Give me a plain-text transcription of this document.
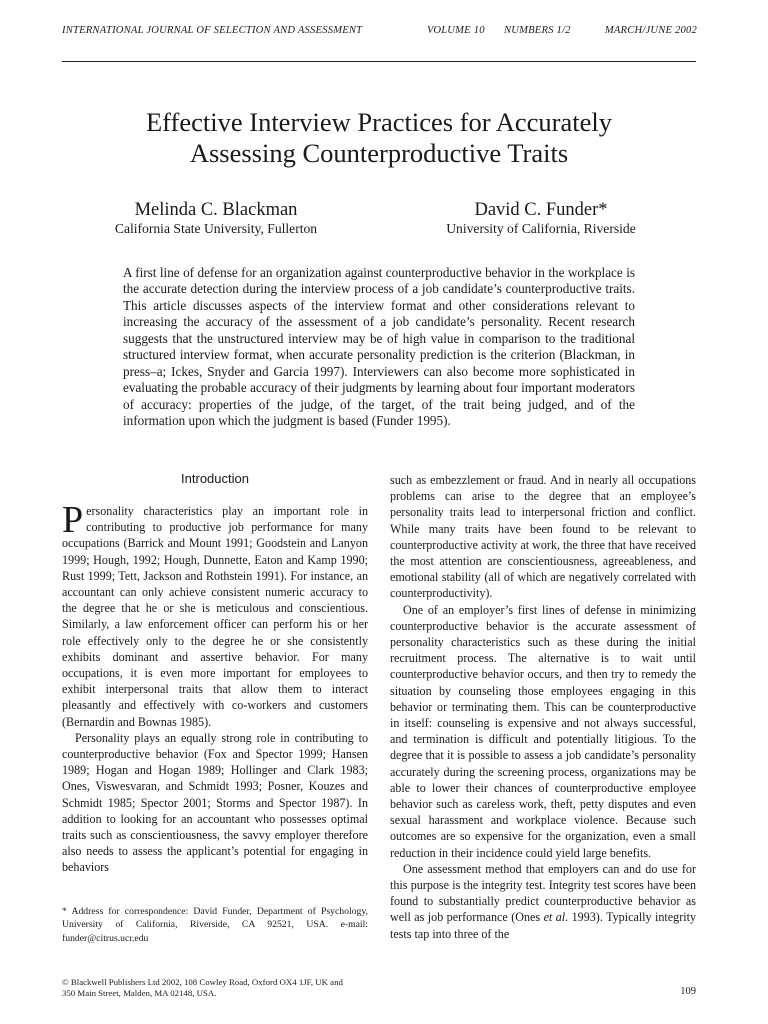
INTERNATIONAL JOURNAL OF SELECTION AND ASSESSMENT	VOLUME 10 NUMBERS 1/2	MARCH/JUNE 2002
Effective Interview Practices for Accurately
Assessing Counterproductive Traits
Melinda C. Blackman
California State University, Fullerton
David C. Funder*
University of California, Riverside

A first line of defense for an organization against counterproductive behavior in the workplace is the accurate detection during the interview process of a job candidate’s counterproductive traits. This article discusses aspects of the interview format and other considerations relevant to increasing the accuracy of the assessment of a job candidate’s personality. Recent research suggests that the unstructured interview may be of high value in comparison to the traditional structured interview format, when accurate personality prediction is the criterion (Blackman, in press–a; Ickes, Snyder and Garcia 1997). Interviewers can also become more sophisticated in evaluating the probable accuracy of their judgments by learning about four important moderators of accuracy: properties of the judge, of the target, of the trait being judged, and of the information upon which the judgment is based (Funder 1995).

Introduction

Personality characteristics play an important role in contributing to productive job performance for many occupations (Barrick and Mount 1991; Goodstein and Lanyon 1999; Hough, 1992; Hough, Dunnette, Eaton and Kamp 1990; Rust 1999; Tett, Jackson and Rothstein 1991). For instance, an accountant can only achieve consistent numeric accuracy to the degree that he or she is meticulous and conscientious. Similarly, a law enforcement officer can perform his or her role effectively only to the degree he or she consistently exhibits dominant and assertive behavior. For many occupations, it is even more important for employees to exhibit interpersonal traits that allow them to interact pleasantly and effectively with co-workers and customers (Bernardin and Bownas 1985).

Personality plays an equally strong role in contributing to counterproductive behavior (Fox and Spector 1999; Hansen 1989; Hogan and Hogan 1989; Hollinger and Clark 1983; Ones, Viswesvaran, and Schmidt 1993; Posner, Kouzes and Schmidt 1985; Spector 2001; Storms and Spector 1987). In addition to looking for an accountant who possesses optimal traits such as conscientiousness, the savvy employer therefore also needs to assess the applicant’s potential for engaging in behaviors

such as embezzlement or fraud. And in nearly all occupations problems can arise to the degree that an employee’s personality traits lead to interpersonal friction and conflict. While many traits have been found to be relevant to counterproductive activity at work, the three that have received the most attention are conscientiousness, agreeableness, and emotional stability (all of which are negatively correlated with counterproductivity).

One of an employer’s first lines of defense in minimizing counterproductive behavior is the accurate assessment of personality characteristics such as these during the initial recruitment process. The alternative is to wait until counterproductive behavior occurs, and then try to remedy the situation by counseling those employees engaging in this behavior or terminating them. This can be counterproductive in itself: counseling is expensive and not always successful, and termination is difficult and potentially litigious. To the degree that it is possible to assess a job candidate’s personality accurately during the screening process, organizations may be able to lower their chances of counterproductive employee behavior such as careless work, theft, petty disputes and even sexual harassment and workplace violence. Because such outcomes are so expensive for the organization, even a small reduction in their incidence could yield large benefits.

One assessment method that employers can and do use for this purpose is the integrity test. Integrity test scores have been found to substantially predict counterproductive behavior as well as job performance (Ones et al. 1993). Typically integrity tests tap into three of the

* Address for correspondence: David Funder, Department of Psychology, University of California, Riverside, CA 92521, USA. e-mail: funder@citrus.ucr.edu

© Blackwell Publishers Ltd 2002, 108 Cowley Road, Oxford OX4 1JF, UK and
350 Main Street, Malden, MA 02148, USA.	109
